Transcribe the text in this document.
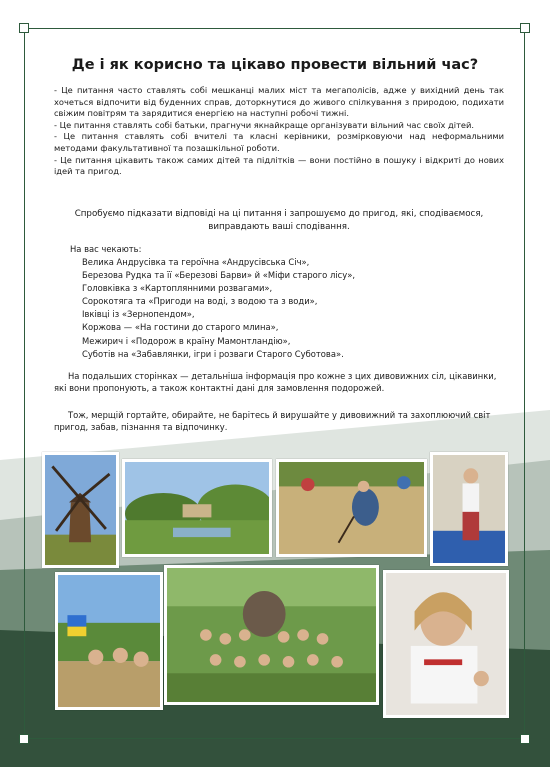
Де і як корисно та цікаво провести вільний час?

- Це питання часто ставлять собі мешканці малих міст та мегаполісів, адже у вихідний день так хочеться відпочити від буденних справ, доторкнутися до живого спілкування з природою, подихати свіжим повітрям та зарядитися енергією на наступні робочі тижні.

- Це питання ставлять собі батьки, прагнучи якнайкраще організувати вільний час своїх дітей.

- Це питання ставлять собі вчителі та класні керівники, розмірковуючи над неформальними методами факультативної та позашкільної роботи.

- Це питання цікавить також самих дітей та підлітків — вони постійно в пошуку і відкриті до нових ідей та пригод.

Спробуємо підказати відповіді на ці питання і запрошуємо до пригод, які, сподіваємося,
виправдають ваші сподівання.
На вас чекають:
Велика Андрусівка та героїчна «Андрусівська Січ»,
Березова Рудка та її «Березові Барви» й «Міфи старого лісу»,
Головківка з «Картоплянними розвагами»,
Сорокотяга та «Пригоди на воді, з водою та з води»,
Івківці із «Зернопендом»,
Коржова — «На гостини до старого млина»,
Межирич і «Подорож в країну Мамонтландію»,
Суботів на «Забавлянки, ігри і розваги Старого Суботова».

На подальших сторінках — детальніша інформація про кожне з цих дивовижних сіл, цікавинки, які вони пропонують, а також контактні дані для замовлення подорожей.

Тож, мерщій гортайте, обирайте, не барітесь й вирушайте у дивовижний та захоплюючий світ пригод, забав, пізнання та відпочинку.
